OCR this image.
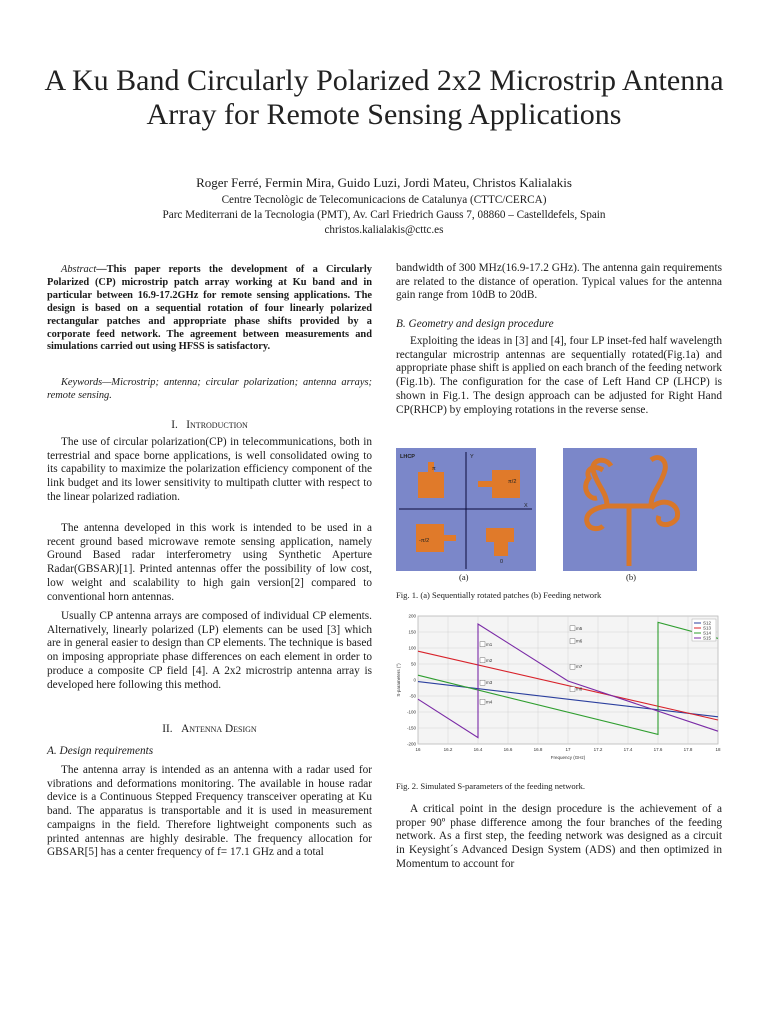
A Ku Band Circularly Polarized 2x2 Microstrip Antenna Array for Remote Sensing Applications
Roger Ferré, Fermin Mira, Guido Luzi, Jordi Mateu, Christos Kalialakis
Centre Tecnològic de Telecomunicacions de Catalunya (CTTC/CERCA)
Parc Mediterrani de la Tecnologia (PMT), Av. Carl Friedrich Gauss 7, 08860 – Castelldefels, Spain
christos.kalialakis@cttc.es

Abstract—This paper reports the development of a Circularly Polarized (CP) microstrip patch array working at Ku band and in particular between 16.9-17.2GHz for remote sensing applications. The design is based on a sequential rotation of four linearly polarized rectangular patches and appropriate phase shifts provided by a corporate feed network. The agreement between measurements and simulations carried out using HFSS is satisfactory.

Keywords—Microstrip; antenna; circular polarization; antenna arrays; remote sensing.

I. Introduction

The use of circular polarization(CP) in telecommunications, both in terrestrial and space borne applications, is well consolidated owing to its capability to maximize the polarization efficiency component of the link budget and its lower sensitivity to multipath clutter with respect to the linear polarized radiation.

The antenna developed in this work is intended to be used in a recent ground based microwave remote sensing application, namely Ground Based radar interferometry using Synthetic Aperture Radar(GBSAR)[1]. Printed antennas offer the possibility of low cost, low weight and scalability to high gain version[2] compared to conventional horn antennas.

Usually CP antenna arrays are composed of individual CP elements. Alternatively, linearly polarized (LP) elements can be used [3] which are in general easier to design than CP elements. The technique is based on imposing appropriate phase differences on each element in order to produce a composite CP field [4]. A 2x2 microstrip antenna array is developed here following this method.

II. Antenna Design
A. Design requirements

The antenna array is intended as an antenna with a radar used for vibrations and deformations monitoring. The available in house radar device is a Continuous Stepped Frequency transceiver operating at Ku band. The apparatus is transportable and it is used in measurement campaigns in the field. Therefore lightweight components such as printed antennas are highly desirable. The frequency allocation for GBSAR[5] has a center frequency of f= 17.1 GHz and a total

bandwidth of 300 MHz(16.9-17.2 GHz). The antenna gain requirements are related to the distance of operation. Typical values for the antenna gain range from 10dB to 20dB.

B. Geometry and design procedure

Exploiting the ideas in [3] and [4], four LP inset-fed half wavelength rectangular microstrip antennas are sequentially rotated(Fig.1a) and appropriate phase shift is applied on each branch of the feeding network (Fig.1b). The configuration for the case of Left Hand CP (LHCP) is shown in Fig.1. The design approach can be adjusted for Right Hand CP(RHCP) by employing rotations in the reverse sense.

LHCP	Y
X
π
π/2
-π/2
0
(a)	(b)
Fig. 1. (a) Sequentially rotated patches (b) Feeding network
16	16.2	16.4	16.6	16.8	17	17.2	17.4	17.6	17.8	18
-200
-150
-100
-50
0
50
100
150
200
m1
m2
m3
m4
m5
m6
m7
m8
S12
S13
S14
S15
Frequency (GHz)
S-parameters (°)
Fig. 2. Simulated S-parameters of the feeding network.

A critical point in the design procedure is the achievement of a proper 90º phase difference among the four branches of the feeding network. As a first step, the feeding network was designed as a circuit in Keysight´s Advanced Design System (ADS) and then optimized in Momentum to account for
